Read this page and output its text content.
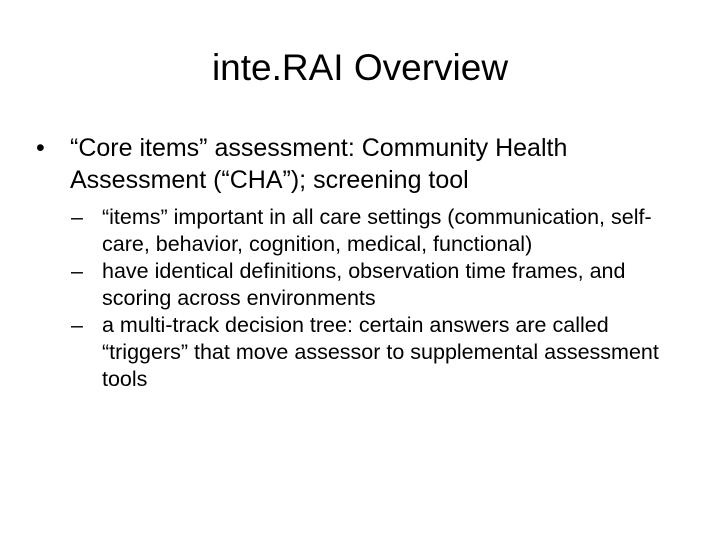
inte.RAI Overview
• “Core items” assessment: Community Health Assessment (“CHA”); screening tool
– “items” important in all care settings (communication, self-care, behavior, cognition, medical, functional)
– have identical definitions, observation time frames, and scoring across environments
– a multi-track decision tree: certain answers are called “triggers” that move assessor to supplemental assessment tools
